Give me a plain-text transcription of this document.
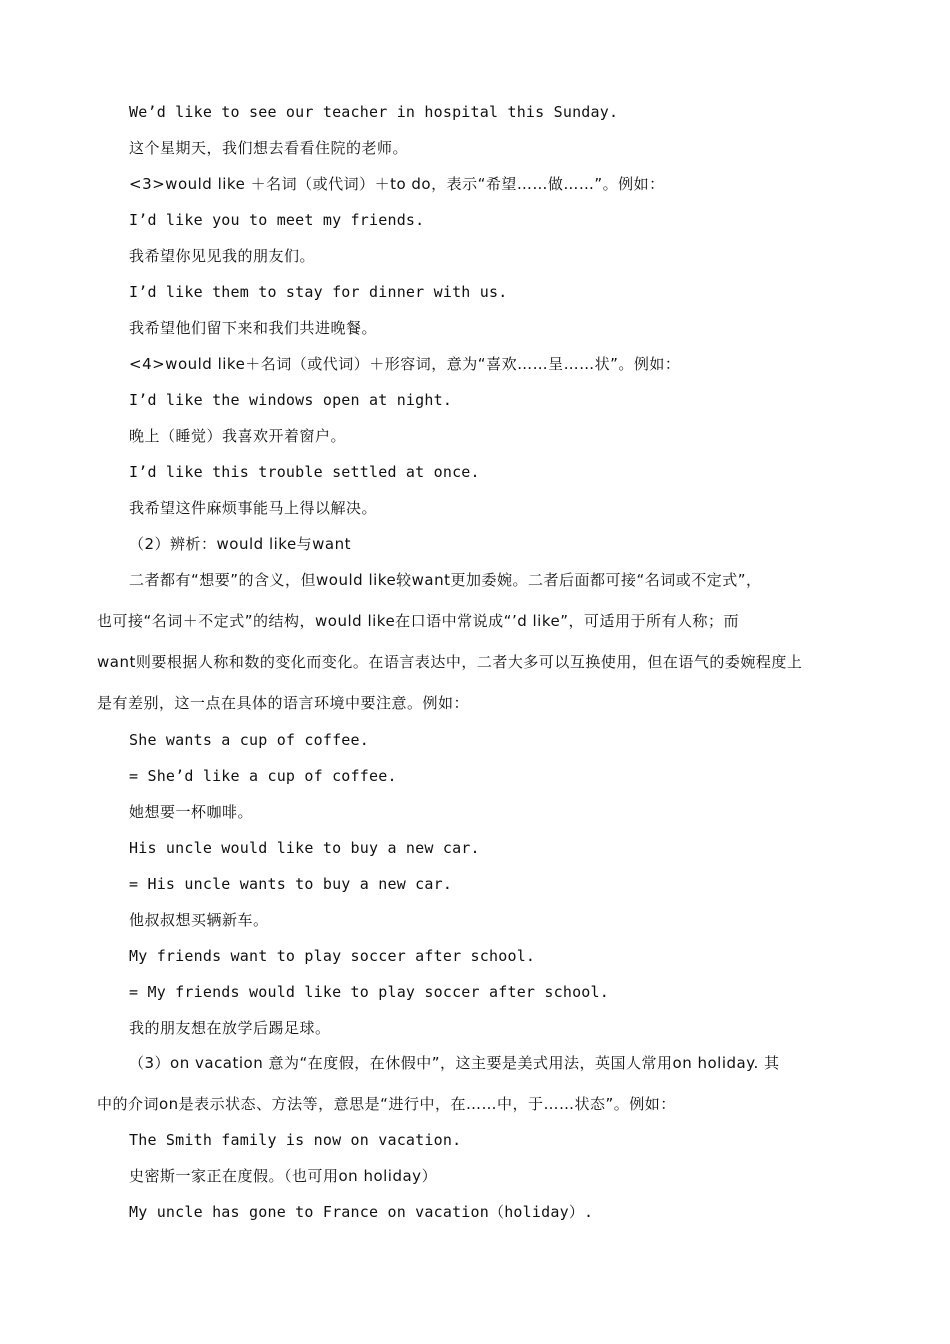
We’d like to see our teacher in hospital this Sunday.
这个星期天，我们想去看看住院的老师。
<3>would like ＋名词（或代词）＋to do，表示“希望……做……”。例如：
I’d like you to meet my friends.
我希望你见见我的朋友们。
I’d like them to stay for dinner with us.
我希望他们留下来和我们共进晚餐。
<4>would like＋名词（或代词）＋形容词，意为“喜欢……呈……状”。例如：
I’d like the windows open at night.
晚上（睡觉）我喜欢开着窗户。
I’d like this trouble settled at once.
我希望这件麻烦事能马上得以解决。
（2）辨析：would like与want
二者都有“想要”的含义，但would like较want更加委婉。二者后面都可接“名词或不定式”，
也可接“名词＋不定式”的结构，would like在口语中常说成“’d like”，可适用于所有人称；而
want则要根据人称和数的变化而变化。在语言表达中，二者大多可以互换使用，但在语气的委婉程度上
是有差别，这一点在具体的语言环境中要注意。例如：
She wants a cup of coffee.
= She’d like a cup of coffee.
她想要一杯咖啡。
His uncle would like to buy a new car.
= His uncle wants to buy a new car.
他叔叔想买辆新车。
My friends want to play soccer after school.
= My friends would like to play soccer after school.
我的朋友想在放学后踢足球。
（3）on vacation 意为“在度假，在休假中”，这主要是美式用法，英国人常用on holiday. 其
中的介词on是表示状态、方法等，意思是“进行中，在……中，于……状态”。例如：
The Smith family is now on vacation.
史密斯一家正在度假。（也可用on holiday）
My uncle has gone to France on vacation（holiday）.
